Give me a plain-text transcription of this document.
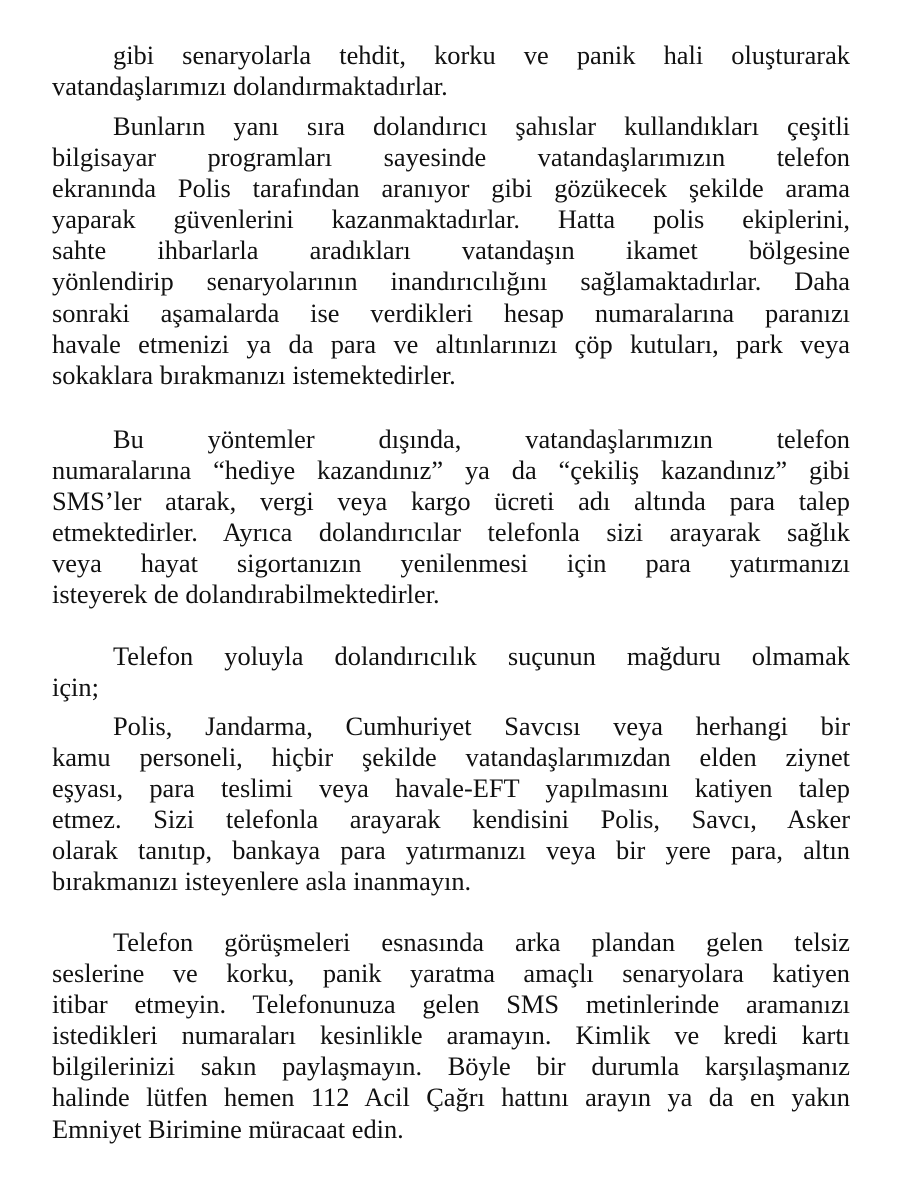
gibi senaryolarla tehdit, korku ve panik hali oluşturarak
vatandaşlarımızı dolandırmaktadırlar.
Bunların yanı sıra dolandırıcı şahıslar kullandıkları çeşitli
bilgisayar programları sayesinde vatandaşlarımızın telefon
ekranında Polis tarafından aranıyor gibi gözükecek şekilde arama
yaparak güvenlerini kazanmaktadırlar. Hatta polis ekiplerini,
sahte ihbarlarla aradıkları vatandaşın ikamet bölgesine
yönlendirip senaryolarının inandırıcılığını sağlamaktadırlar. Daha
sonraki aşamalarda ise verdikleri hesap numaralarına paranızı
havale etmenizi ya da para ve altınlarınızı çöp kutuları, park veya
sokaklara bırakmanızı istemektedirler.
Bu yöntemler dışında, vatandaşlarımızın telefon
numaralarına “hediye kazandınız” ya da “çekiliş kazandınız” gibi
SMS’ler atarak, vergi veya kargo ücreti adı altında para talep
etmektedirler. Ayrıca dolandırıcılar telefonla sizi arayarak sağlık
veya hayat sigortanızın yenilenmesi için para yatırmanızı
isteyerek de dolandırabilmektedirler.
Telefon yoluyla dolandırıcılık suçunun mağduru olmamak
için;
Polis, Jandarma, Cumhuriyet Savcısı veya herhangi bir
kamu personeli, hiçbir şekilde vatandaşlarımızdan elden ziynet
eşyası, para teslimi veya havale-EFT yapılmasını katiyen talep
etmez. Sizi telefonla arayarak kendisini Polis, Savcı, Asker
olarak tanıtıp, bankaya para yatırmanızı veya bir yere para, altın
bırakmanızı isteyenlere asla inanmayın.
Telefon görüşmeleri esnasında arka plandan gelen telsiz
seslerine ve korku, panik yaratma amaçlı senaryolara katiyen
itibar etmeyin. Telefonunuza gelen SMS metinlerinde aramanızı
istedikleri numaraları kesinlikle aramayın. Kimlik ve kredi kartı
bilgilerinizi sakın paylaşmayın. Böyle bir durumla karşılaşmanız
halinde lütfen hemen 112 Acil Çağrı hattını arayın ya da en yakın
Emniyet Birimine müracaat edin.
